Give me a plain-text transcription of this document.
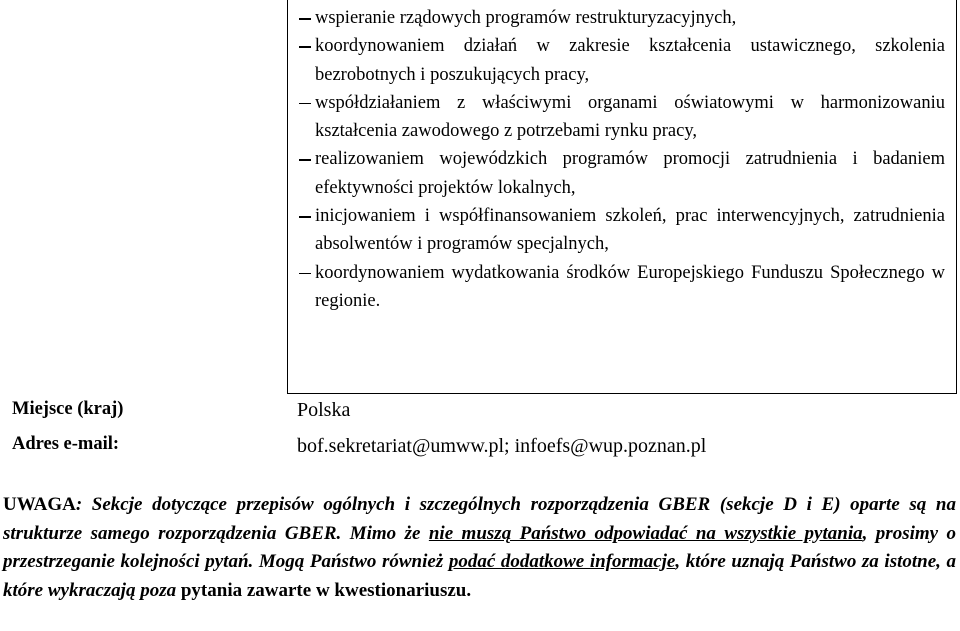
wspieranie rządowych programów restrukturyzacyjnych,
koordynowaniem działań w zakresie kształcenia ustawicznego, szkolenia bezrobotnych i poszukujących pracy,
współdziałaniem z właściwymi organami oświatowymi w harmonizowaniu kształcenia zawodowego z potrzebami rynku pracy,
realizowaniem wojewódzkich programów promocji zatrudnienia i badaniem efektywności projektów lokalnych,
inicjowaniem i współfinansowaniem szkoleń, prac interwencyjnych, zatrudnienia absolwentów i programów specjalnych,
koordynowaniem wydatkowania środków Europejskiego Funduszu Społecznego w regionie.
Miejsce (kraj)	Polska
Adres e-mail:	bof.sekretariat@umww.pl; infoefs@wup.poznan.pl
UWAGA: Sekcje dotyczące przepisów ogólnych i szczególnych rozporządzenia GBER (sekcje D i E) oparte są na strukturze samego rozporządzenia GBER. Mimo że nie muszą Państwo odpowiadać na wszystkie pytania, prosimy o przestrzeganie kolejności pytań. Mogą Państwo również podać dodatkowe informacje, które uznają Państwo za istotne, a które wykraczają poza pytania zawarte w kwestionariuszu.
